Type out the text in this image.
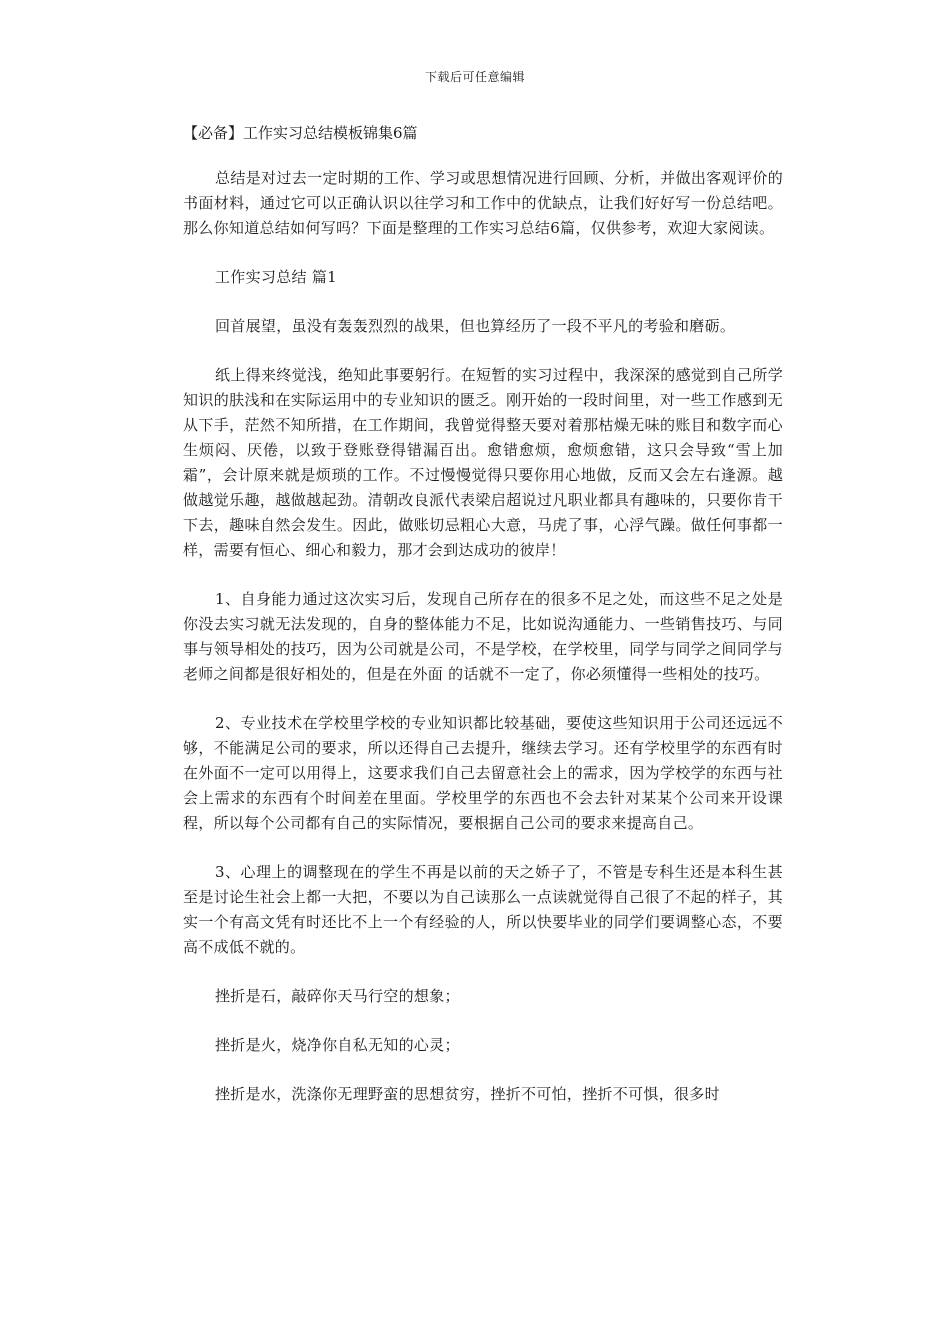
下载后可任意编辑
【必备】工作实习总结模板锦集6篇

总结是对过去一定时期的工作、学习或思想情况进行回顾、分析，并做出客观评价的书面材料，通过它可以正确认识以往学习和工作中的优缺点，让我们好好写一份总结吧。那么你知道总结如何写吗？下面是整理的工作实习总结6篇，仅供参考，欢迎大家阅读。

工作实习总结 篇1

回首展望，虽没有轰轰烈烈的战果，但也算经历了一段不平凡的考验和磨砺。

纸上得来终觉浅，绝知此事要躬行。在短暂的实习过程中，我深深的感觉到自己所学知识的肤浅和在实际运用中的专业知识的匮乏。刚开始的一段时间里，对一些工作感到无从下手，茫然不知所措，在工作期间，我曾觉得整天要对着那枯燥无味的账目和数字而心生烦闷、厌倦，以致于登账登得错漏百出。愈错愈烦，愈烦愈错，这只会导致“雪上加霜”，会计原来就是烦琐的工作。不过慢慢觉得只要你用心地做，反而又会左右逢源。越做越觉乐趣，越做越起劲。清朝改良派代表梁启超说过凡职业都具有趣味的，只要你肯干下去，趣味自然会发生。因此，做账切忌粗心大意，马虎了事，心浮气躁。做任何事都一样，需要有恒心、细心和毅力，那才会到达成功的彼岸！

1、自身能力通过这次实习后，发现自己所存在的很多不足之处，而这些不足之处是你没去实习就无法发现的，自身的整体能力不足，比如说沟通能力、一些销售技巧、与同事与领导相处的技巧，因为公司就是公司，不是学校，在学校里，同学与同学之间同学与老师之间都是很好相处的，但是在外面 的话就不一定了，你必须懂得一些相处的技巧。

2、专业技术在学校里学校的专业知识都比较基础，要使这些知识用于公司还远远不够，不能满足公司的要求，所以还得自己去提升，继续去学习。还有学校里学的东西有时在外面不一定可以用得上，这要求我们自己去留意社会上的需求，因为学校学的东西与社会上需求的东西有个时间差在里面。学校里学的东西也不会去针对某某个公司来开设课程，所以每个公司都有自己的实际情况，要根据自己公司的要求来提高自己。

3、心理上的调整现在的学生不再是以前的天之娇子了，不管是专科生还是本科生甚至是讨论生社会上都一大把，不要以为自己读那么一点读就觉得自己很了不起的样子，其实一个有高文凭有时还比不上一个有经验的人，所以快要毕业的同学们要调整心态，不要高不成低不就的。

挫折是石，敲碎你天马行空的想象；

挫折是火，烧净你自私无知的心灵；

挫折是水，洗涤你无理野蛮的思想贫穷，挫折不可怕，挫折不可惧，很多时
